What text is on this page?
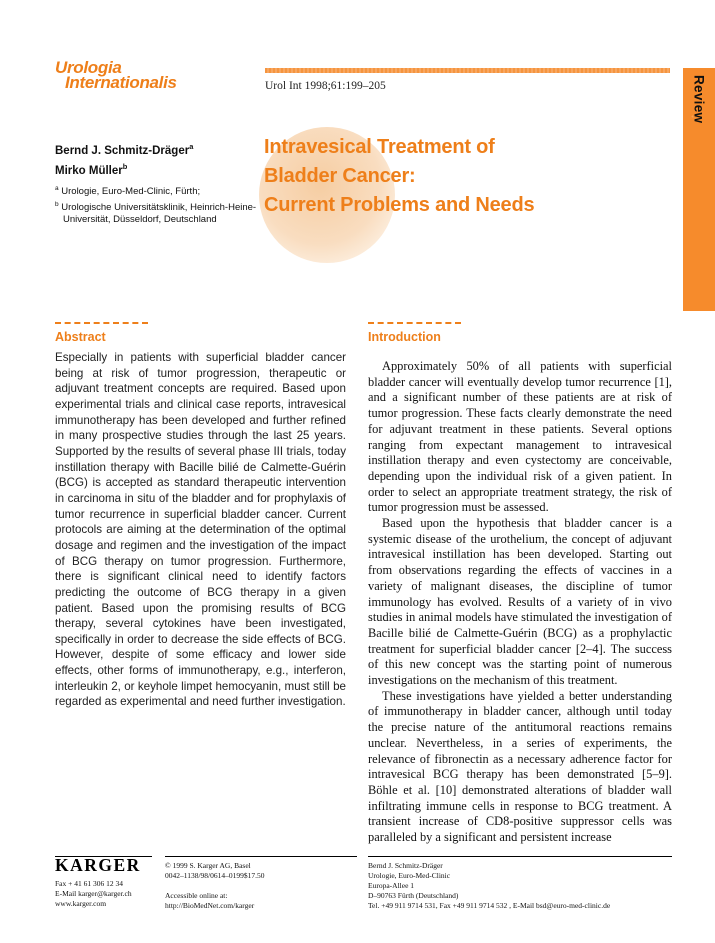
Urologia
Internationalis	Urol Int 1998;61:199–205	Review
Bernd J. Schmitz-Dräger$^a$
Mirko Müller$^b$
$^a$ Urologie, Euro-Med-Clinic, Fürth;
$^b$ Urologische Universitätsklinik, Heinrich-Heine-Universität, Düsseldorf, Deutschland
Intravesical Treatment of
Bladder Cancer:
Current Problems and Needs
Abstract

Especially in patients with superficial bladder cancer being at risk of tumor progression, therapeutic or adjuvant treatment concepts are required. Based upon experimental trials and clinical case reports, intravesical immunotherapy has been developed and further refined in many prospective studies through the last 25 years. Supported by the results of several phase III trials, today instillation therapy with Bacille bilié de Calmette-Guérin (BCG) is accepted as standard therapeutic intervention in carcinoma in situ of the bladder and for prophylaxis of tumor recurrence in superficial bladder cancer. Current protocols are aiming at the determination of the optimal dosage and regimen and the investigation of the impact of BCG therapy on tumor progression. Furthermore, there is significant clinical need to identify factors predicting the outcome of BCG therapy in a given patient. Based upon the promising results of BCG therapy, several cytokines have been investigated, specifically in order to decrease the side effects of BCG. However, despite of some efficacy and lower side effects, other forms of immunotherapy, e.g., interferon, interleukin 2, or keyhole limpet hemocyanin, must still be regarded as experimental and need further investigation.

Introduction

Approximately 50% of all patients with superficial bladder cancer will eventually develop tumor recurrence [1], and a significant number of these patients are at risk of tumor progression. These facts clearly demonstrate the need for adjuvant treatment in these patients. Several options ranging from expectant management to intravesical instillation therapy and even cystectomy are conceivable, depending upon the individual risk of a given patient. In order to select an appropriate treatment strategy, the risk of tumor progression must be assessed.

Based upon the hypothesis that bladder cancer is a systemic disease of the urothelium, the concept of adjuvant intravesical instillation has been developed. Starting out from observations regarding the effects of vaccines in a variety of malignant diseases, the discipline of tumor immunology has evolved. Results of a variety of in vivo studies in animal models have stimulated the investigation of Bacille bilié de Calmette-Guérin (BCG) as a prophylactic treatment for superficial bladder cancer [2–4]. The success of this new concept was the starting point of numerous investigations on the mechanism of this treatment.

These investigations have yielded a better understanding of immunotherapy in bladder cancer, although until today the precise nature of the antitumoral reactions remains unclear. Nevertheless, in a series of experiments, the relevance of fibronectin as a necessary adherence factor for intravesical BCG therapy has been demonstrated [5–9]. Böhle et al. [10] demonstrated alterations of bladder wall infiltrating immune cells in response to BCG treatment. A transient increase of CD8-positive suppressor cells was paralleled by a significant and persistent increase

KARGER
Fax + 41 61 306 12 34
E-Mail karger@karger.ch
www.karger.com
© 1999 S. Karger AG, Basel
0042–1138/98/0614–0199$17.50
Accessible online at:
http://BioMedNet.com/karger
Bernd J. Schmitz-Dräger
Urologie, Euro-Med-Clinic
Europa-Allee 1
D–90763 Fürth (Deutschland)
Tel. +49 911 9714 531, Fax +49 911 9714 532 , E-Mail bsd@euro-med-clinic.de
